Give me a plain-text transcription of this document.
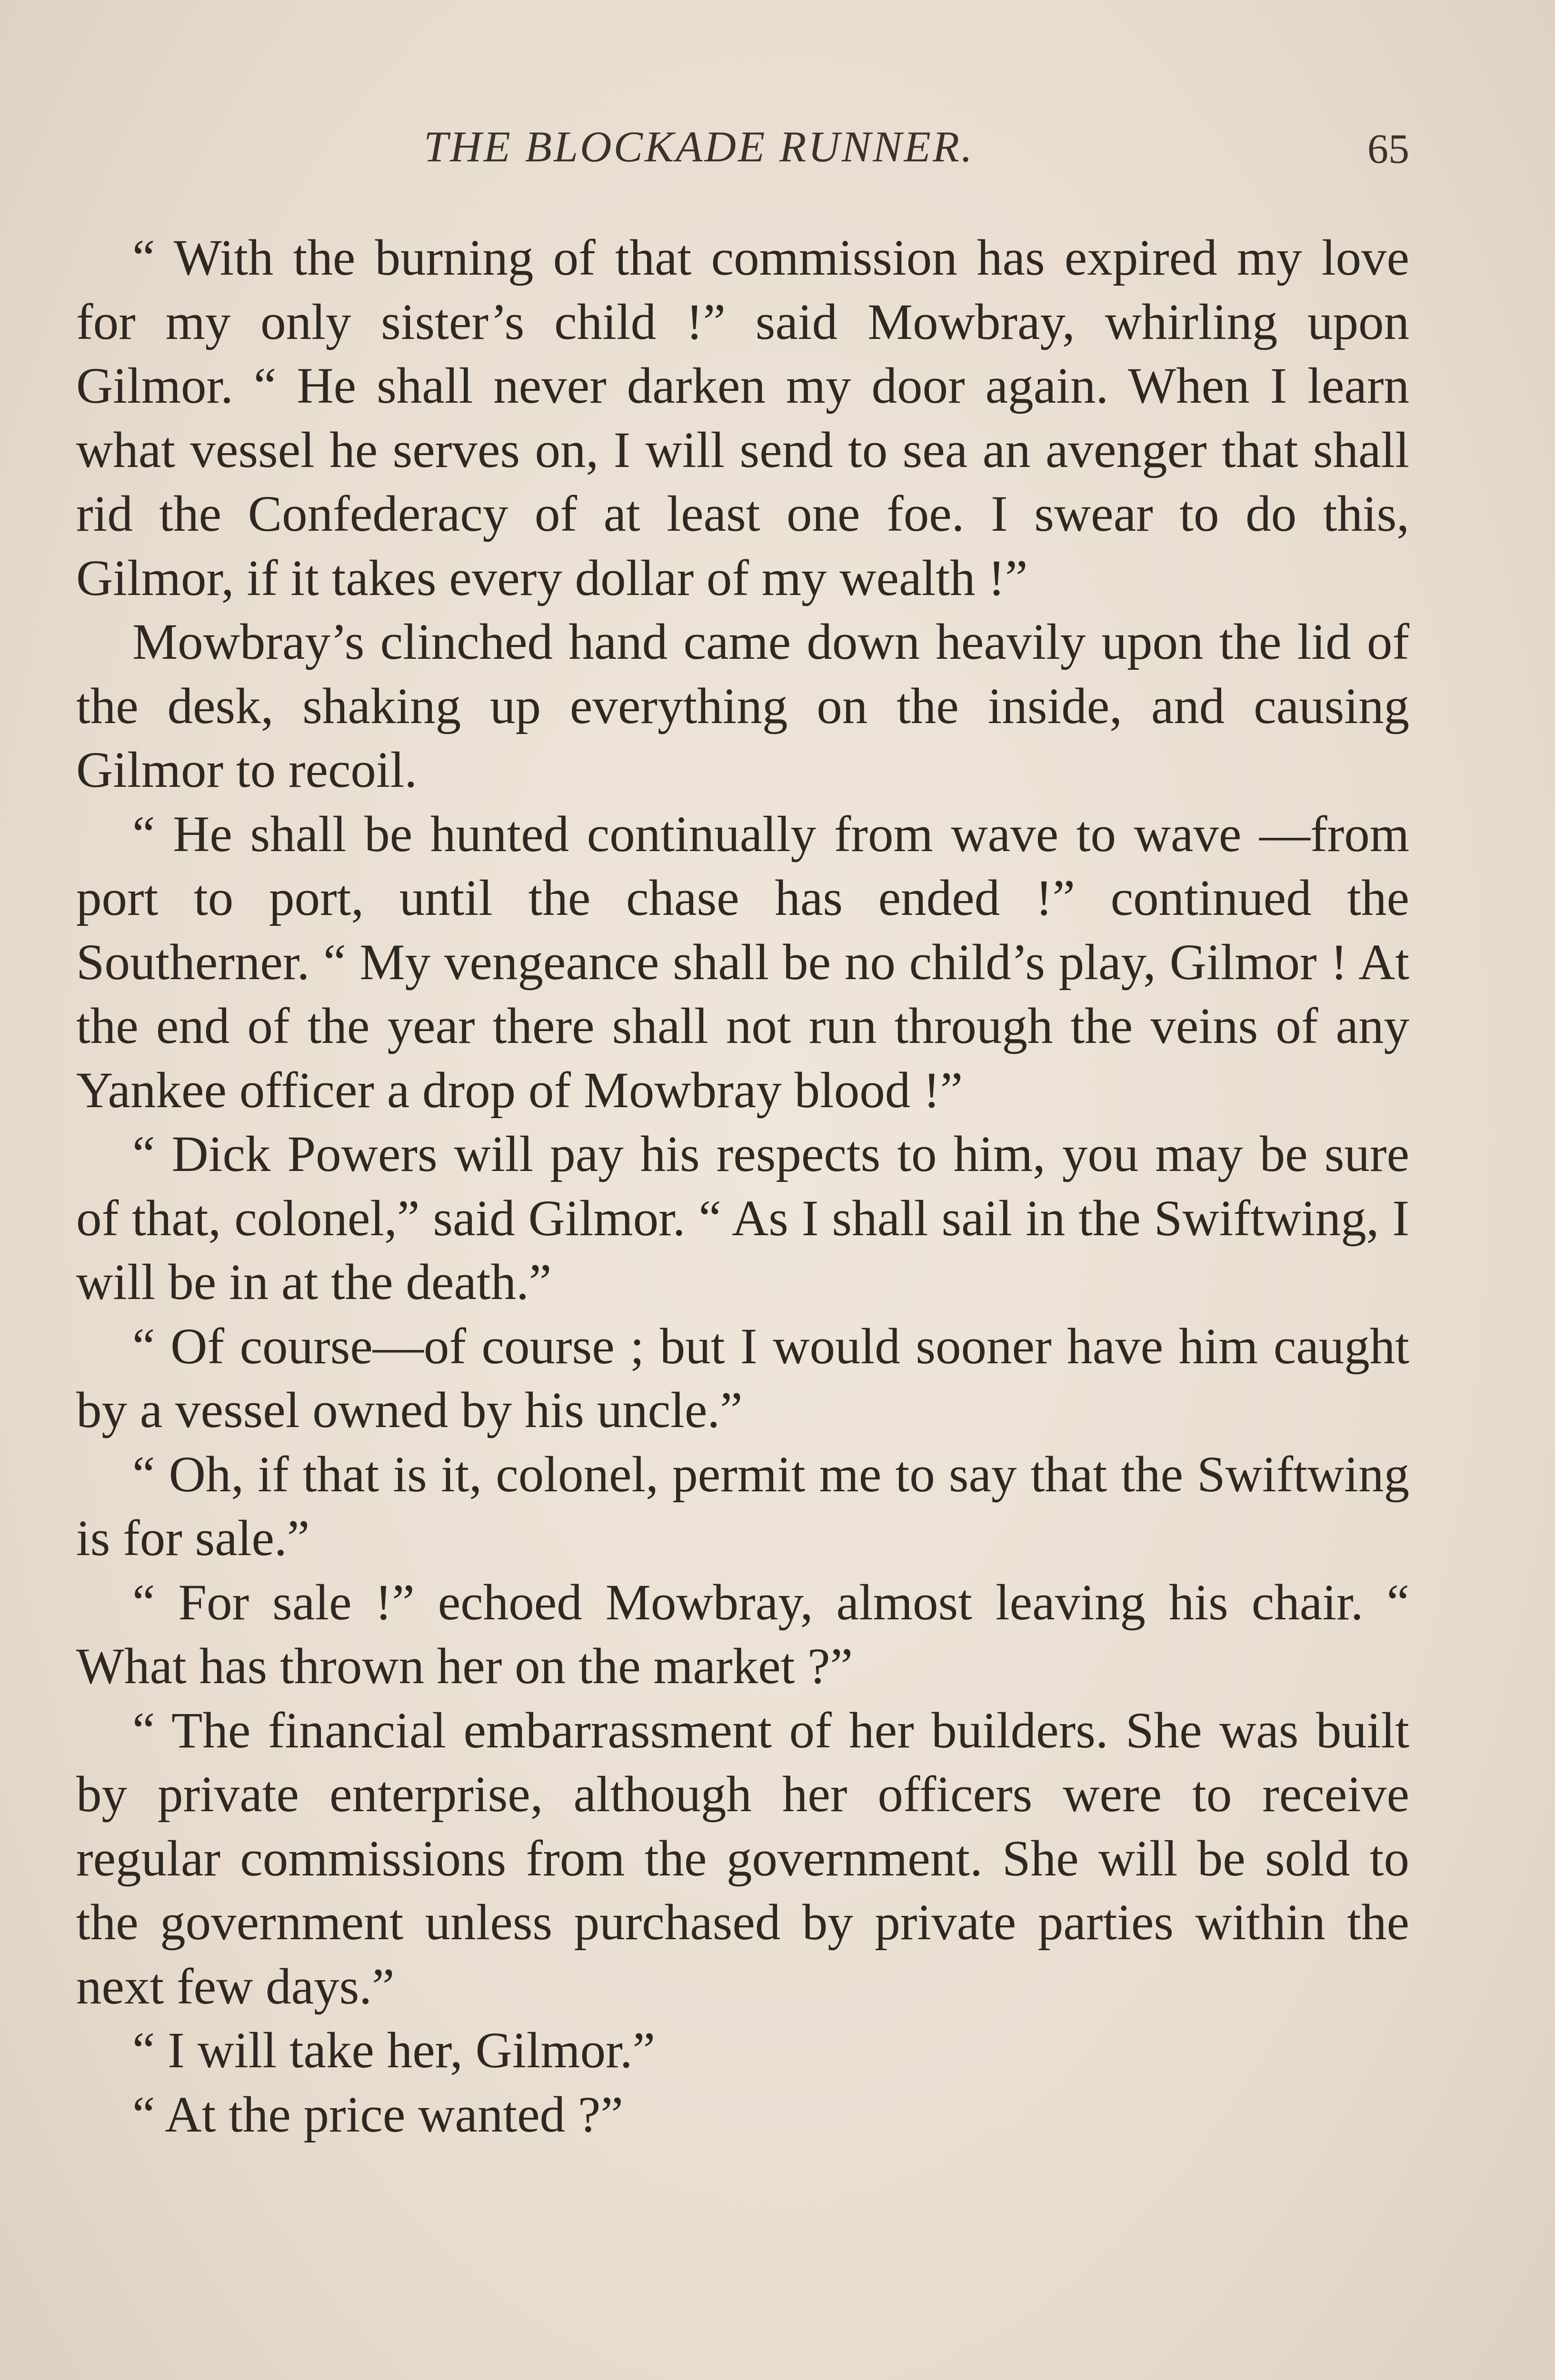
THE BLOCKADE RUNNER.	65

“ With the burning of that commission has expired my love for my only sister’s child !” said Mowbray, whirling upon Gilmor. “ He shall never darken my door again. When I learn what vessel he serves on, I will send to sea an avenger that shall rid the Confederacy of at least one foe. I swear to do this, Gilmor, if it takes every dollar of my wealth !”

Mowbray’s clinched hand came down heavily upon the lid of the desk, shaking up everything on the inside, and causing Gilmor to recoil.

“ He shall be hunted continually from wave to wave —from port to port, until the chase has ended !” continued the Southerner. “ My vengeance shall be no child’s play, Gilmor ! At the end of the year there shall not run through the veins of any Yankee officer a drop of Mowbray blood !”

“ Dick Powers will pay his respects to him, you may be sure of that, colonel,” said Gilmor. “ As I shall sail in the Swiftwing, I will be in at the death.”

“ Of course—of course ; but I would sooner have him caught by a vessel owned by his uncle.”

“ Oh, if that is it, colonel, permit me to say that the Swiftwing is for sale.”

“ For sale !” echoed Mowbray, almost leaving his chair. “ What has thrown her on the market ?”

“ The financial embarrassment of her builders. She was built by private enterprise, although her officers were to receive regular commissions from the government. She will be sold to the government unless purchased by private parties within the next few days.”

“ I will take her, Gilmor.”

“ At the price wanted ?”
